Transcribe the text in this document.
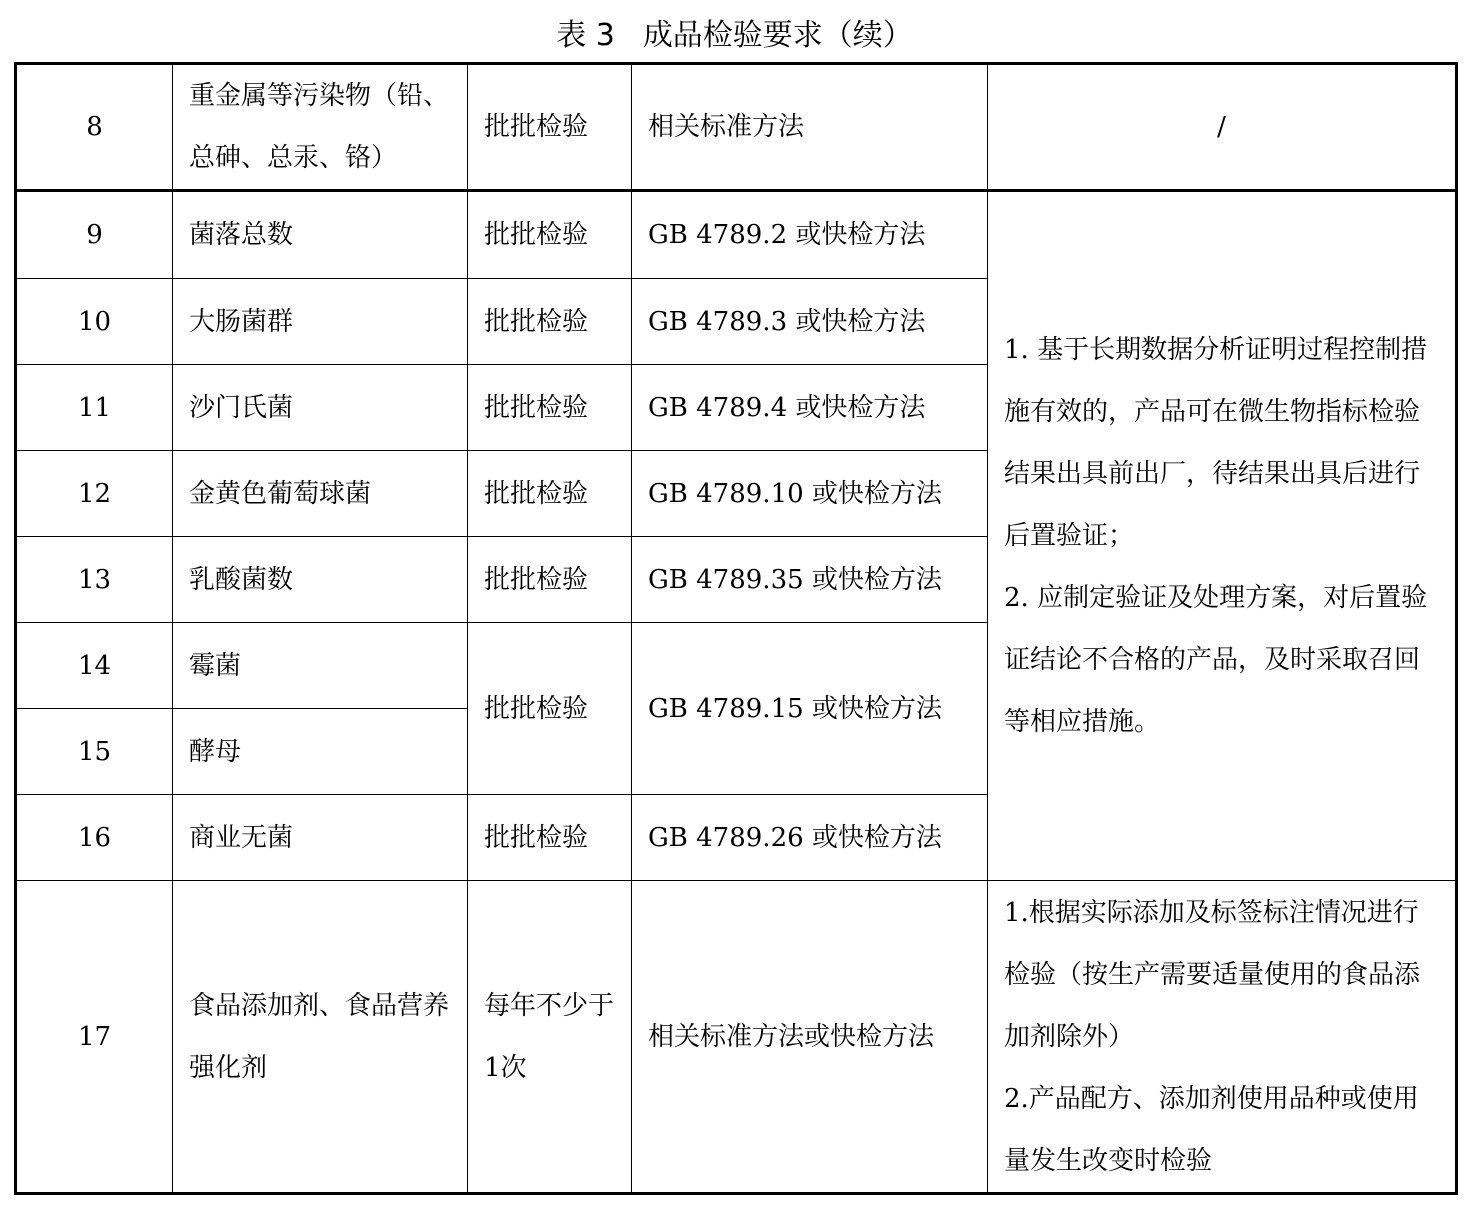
表 3 成品检验要求（续）
8	重金属等污染物（铅、总砷、总汞、铬）	批批检验	相关标准方法	/
9	菌落总数	批批检验	GB 4789.2 或快检方法	1. 基于长期数据分析证明过程控制措施有效的，产品可在微生物指标检验结果出具前出厂，待结果出具后进行后置验证；
2. 应制定验证及处理方案，对后置验证结论不合格的产品，及时采取召回等相应措施。

10	大肠菌群	批批检验	GB 4789.3 或快检方法	
11	沙门氏菌	批批检验	GB 4789.4 或快检方法	
12	金黄色葡萄球菌	批批检验	GB 4789.10 或快检方法	
13	乳酸菌数	批批检验	GB 4789.35 或快检方法	
14	霉菌	批批检验	GB 4789.15 或快检方法	
15	酵母			
16	商业无菌	批批检验	GB 4789.26 或快检方法	
17	食品添加剂、食品营养强化剂	每年不少于1次	相关标准方法或快检方法	1.根据实际添加及标签标注情况进行检验（按生产需要适量使用的食品添加剂除外）
2.产品配方、添加剂使用品种或使用量发生改变时检验
